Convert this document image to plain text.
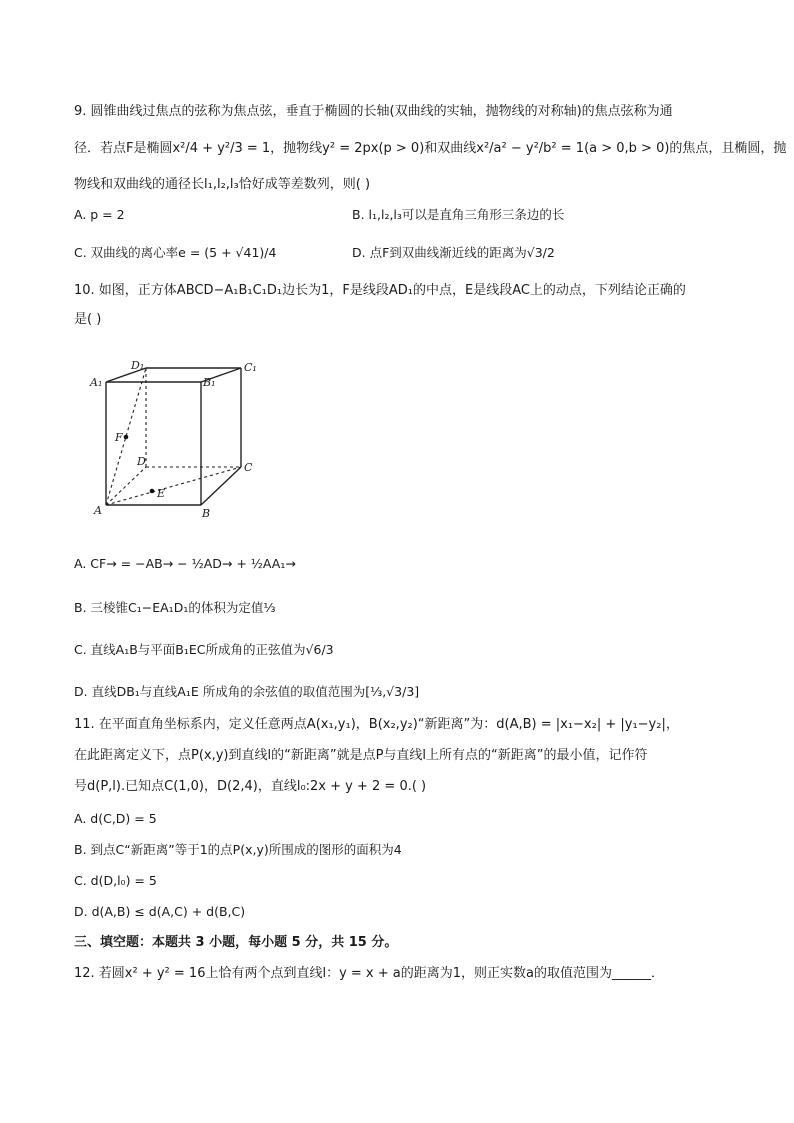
9. 圆锥曲线过焦点的弦称为焦点弦，垂直于椭圆的长轴(双曲线的实轴，抛物线的对称轴)的焦点弦称为通
径．若点F是椭圆x²/4 + y²/3 = 1，抛物线y² = 2px(p > 0)和双曲线x²/a² − y²/b² = 1(a > 0,b > 0)的焦点，且椭圆，抛
物线和双曲线的通径长l₁,l₂,l₃恰好成等差数列，则( )
A. p = 2	B. l₁,l₂,l₃可以是直角三角形三条边的长
C. 双曲线的离心率e = (5 + √41)/4	D. 点F到双曲线渐近线的距离为√3/2
10. 如图，正方体ABCD−A₁B₁C₁D₁边长为1，F是线段AD₁的中点，E是线段AC上的动点，下列结论正确的
是( )
A	B
C
D
A₁	B₁
C₁
D₁
F
E
A. CF→ = −AB→ − ½AD→ + ½AA₁→
B. 三棱锥C₁−EA₁D₁的体积为定值⅓
C. 直线A₁B与平面B₁EC所成角的正弦值为√6/3
D. 直线DB₁与直线A₁E 所成角的余弦值的取值范围为[⅓,√3/3]
11. 在平面直角坐标系内，定义任意两点A(x₁,y₁)，B(x₂,y₂)“新距离”为：d(A,B) = |x₁−x₂| + |y₁−y₂|，
在此距离定义下，点P(x,y)到直线l的“新距离”就是点P与直线l上所有点的“新距离”的最小值，记作符
号d(P,l).已知点C(1,0)，D(2,4)，直线l₀:2x + y + 2 = 0.( )
A. d(C,D) = 5
B. 到点C“新距离”等于1的点P(x,y)所围成的图形的面积为4
C. d(D,l₀) = 5
D. d(A,B) ≤ d(A,C) + d(B,C)
三、填空题：本题共 3 小题，每小题 5 分，共 15 分。
12. 若圆x² + y² = 16上恰有两个点到直线l：y = x + a的距离为1，则正实数a的取值范围为______．
